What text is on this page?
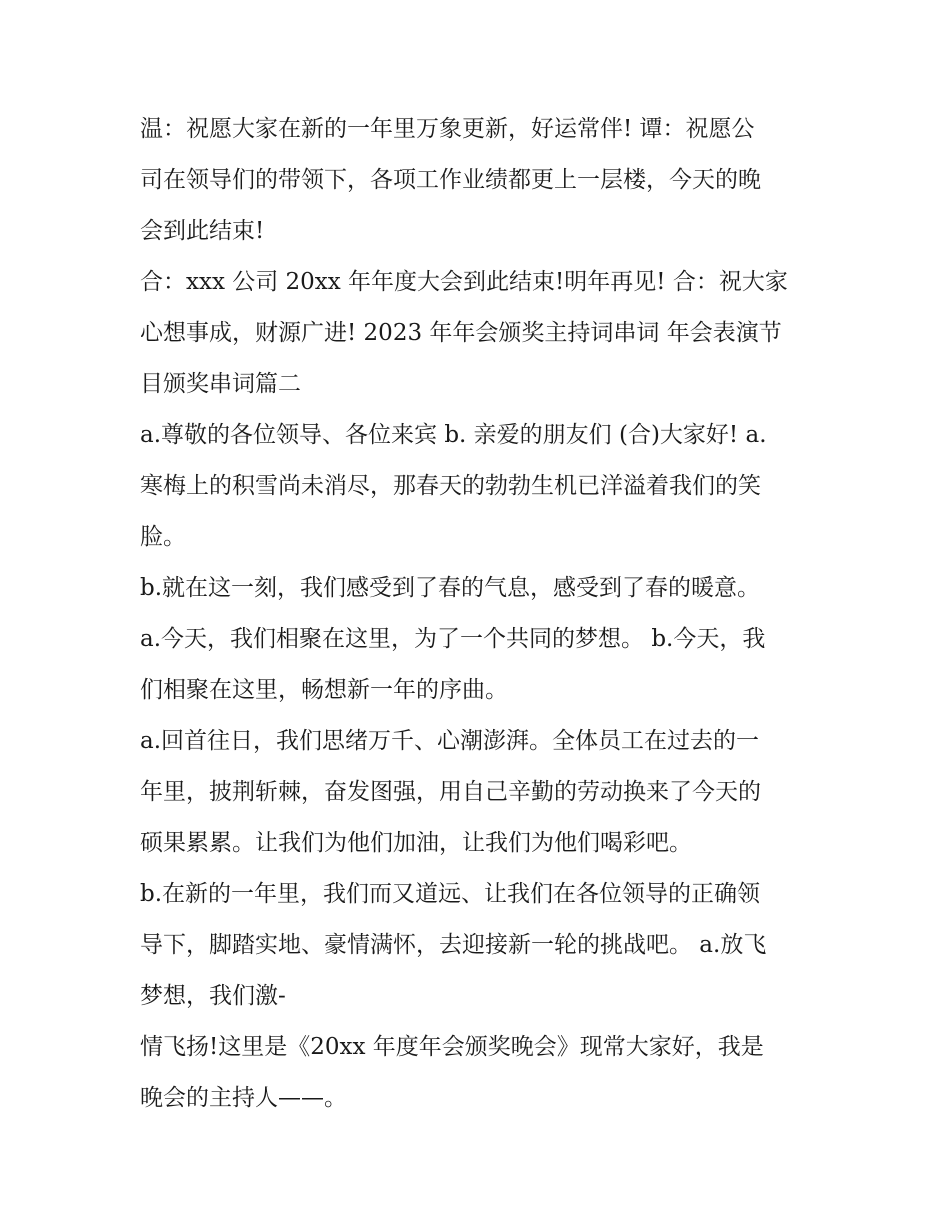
温：祝愿大家在新的一年里万象更新，好运常伴! 谭：祝愿公
司在领导们的带领下，各项工作业绩都更上一层楼，今天的晚
会到此结束!

合：xxx 公司 20xx 年年度大会到此结束!明年再见! 合：祝大家
心想事成，财源广进! 2023 年年会颁奖主持词串词 年会表演节
目颁奖串词篇二

a.尊敬的各位领导、各位来宾 b. 亲爱的朋友们 (合)大家好! a.
寒梅上的积雪尚未消尽，那春天的勃勃生机已洋溢着我们的笑
脸。

b.就在这一刻，我们感受到了春的气息，感受到了春的暖意。

a.今天，我们相聚在这里，为了一个共同的梦想。 b.今天，我
们相聚在这里，畅想新一年的序曲。

a.回首往日，我们思绪万千、心潮澎湃。全体员工在过去的一
年里，披荆斩棘，奋发图强，用自己辛勤的劳动换来了今天的
硕果累累。让我们为他们加油，让我们为他们喝彩吧。

b.在新的一年里，我们而又道远、让我们在各位领导的正确领
导下，脚踏实地、豪情满怀，去迎接新一轮的挑战吧。 a.放飞
梦想，我们激-

情飞扬!这里是《20xx 年度年会颁奖晚会》现常大家好，我是
晚会的主持人——。
